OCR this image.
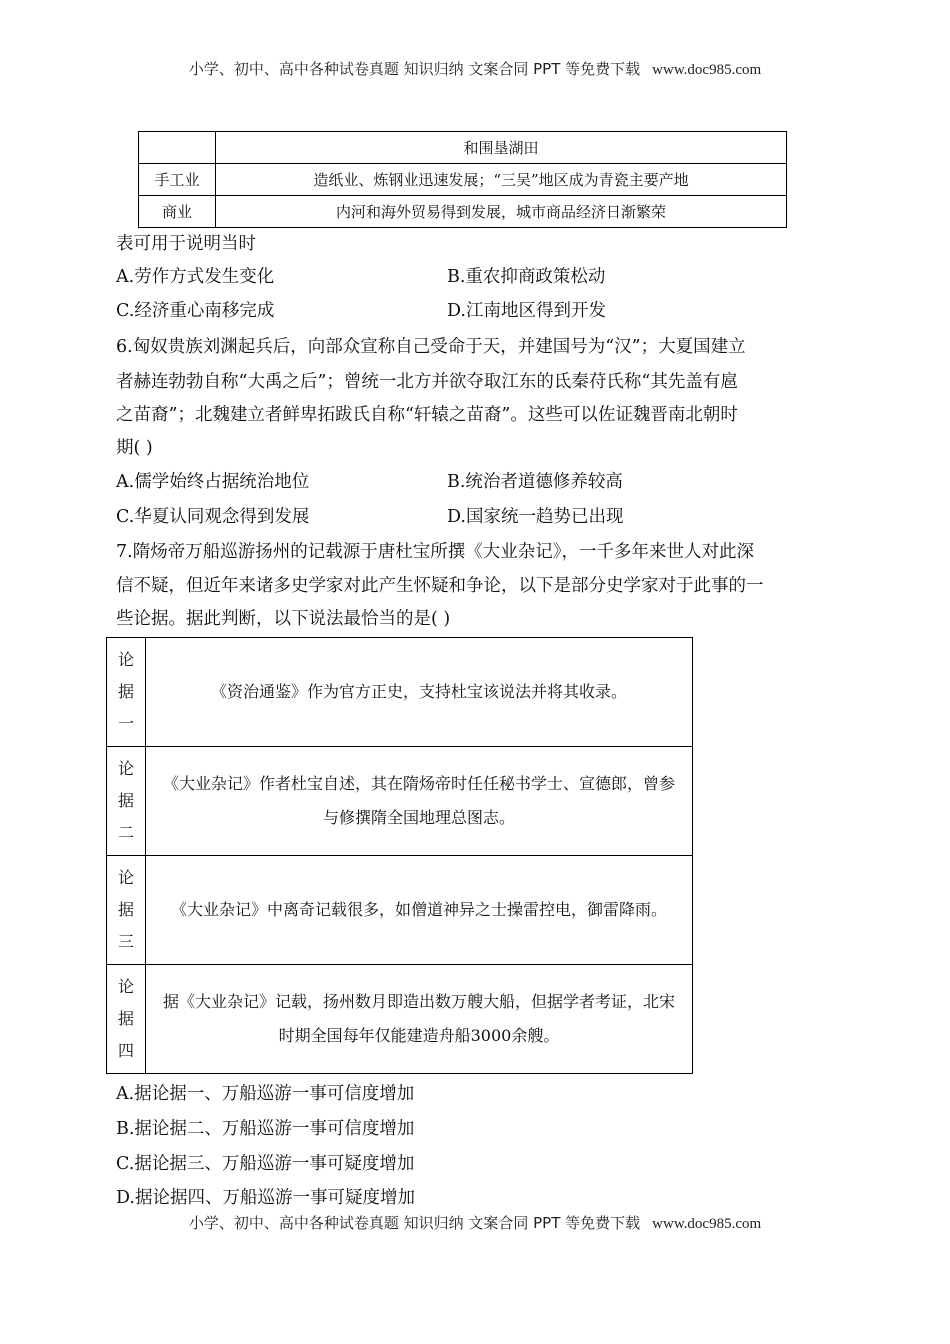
小学、初中、高中各种试卷真题 知识归纳 文案合同 PPT 等免费下载 www.doc985.com
	和围垦湖田
手工业	造纸业、炼钢业迅速发展；“三吴”地区成为青瓷主要产地
商业	内河和海外贸易得到发展，城市商品经济日渐繁荣
表可用于说明当时
A.劳作方式发生变化	B.重农抑商政策松动
C.经济重心南移完成	D.江南地区得到开发
6.匈奴贵族刘渊起兵后，向部众宣称自己受命于天，并建国号为“汉”；大夏国建立
者赫连勃勃自称“大禹之后”；曾统一北方并欲夺取江东的氐秦苻氏称“其先盖有扈
之苗裔”；北魏建立者鲜卑拓跋氏自称“轩辕之苗裔”。这些可以佐证魏晋南北朝时
期( )
A.儒学始终占据统治地位	B.统治者道德修养较高
C.华夏认同观念得到发展	D.国家统一趋势已出现
7.隋炀帝万船巡游扬州的记载源于唐杜宝所撰《大业杂记》，一千多年来世人对此深
信不疑，但近年来诸多史学家对此产生怀疑和争论，以下是部分史学家对于此事的一
些论据。据此判断，以下说法最恰当的是( )
论
据
一	《资治通鉴》作为官方正史，支持杜宝该说法并将其收录。

论
据
二	《大业杂记》作者杜宝自述，其在隋炀帝时任任秘书学士、宣德郎，曾参与修撰隋全国地理总图志。

论
据
三	《大业杂记》中离奇记载很多，如僧道神异之士操雷控电，御雷降雨。

论
据
四	据《大业杂记》记载，扬州数月即造出数万艘大船，但据学者考证，北宋时期全国每年仅能建造舟船3000余艘。
A.据论据一、万船巡游一事可信度增加
B.据论据二、万船巡游一事可信度增加
C.据论据三、万船巡游一事可疑度增加
D.据论据四、万船巡游一事可疑度增加
小学、初中、高中各种试卷真题 知识归纳 文案合同 PPT 等免费下载 www.doc985.com
